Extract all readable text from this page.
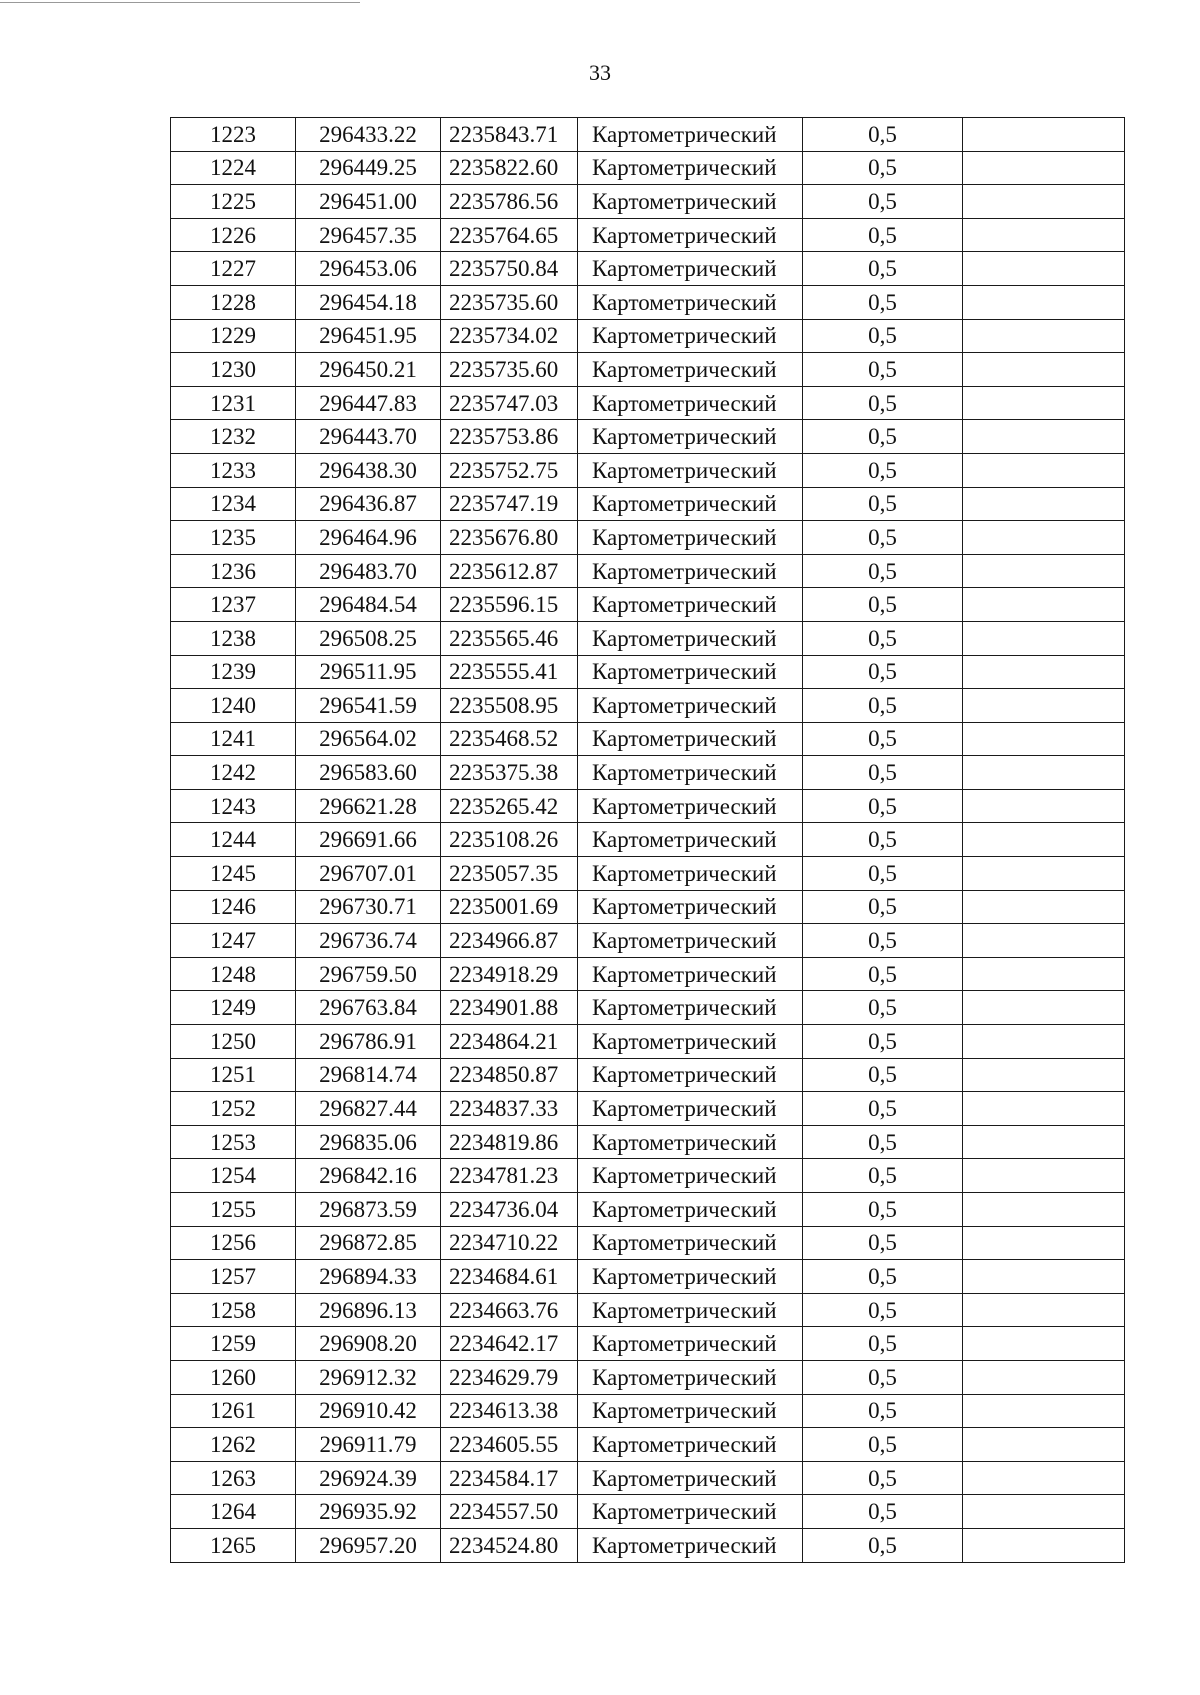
33
1223	296433.22	2235843.71	Картометрический	0,5	
1224	296449.25	2235822.60	Картометрический	0,5	
1225	296451.00	2235786.56	Картометрический	0,5	
1226	296457.35	2235764.65	Картометрический	0,5	
1227	296453.06	2235750.84	Картометрический	0,5	
1228	296454.18	2235735.60	Картометрический	0,5	
1229	296451.95	2235734.02	Картометрический	0,5	
1230	296450.21	2235735.60	Картометрический	0,5	
1231	296447.83	2235747.03	Картометрический	0,5	
1232	296443.70	2235753.86	Картометрический	0,5	
1233	296438.30	2235752.75	Картометрический	0,5	
1234	296436.87	2235747.19	Картометрический	0,5	
1235	296464.96	2235676.80	Картометрический	0,5	
1236	296483.70	2235612.87	Картометрический	0,5	
1237	296484.54	2235596.15	Картометрический	0,5	
1238	296508.25	2235565.46	Картометрический	0,5	
1239	296511.95	2235555.41	Картометрический	0,5	
1240	296541.59	2235508.95	Картометрический	0,5	
1241	296564.02	2235468.52	Картометрический	0,5	
1242	296583.60	2235375.38	Картометрический	0,5	
1243	296621.28	2235265.42	Картометрический	0,5	
1244	296691.66	2235108.26	Картометрический	0,5	
1245	296707.01	2235057.35	Картометрический	0,5	
1246	296730.71	2235001.69	Картометрический	0,5	
1247	296736.74	2234966.87	Картометрический	0,5	
1248	296759.50	2234918.29	Картометрический	0,5	
1249	296763.84	2234901.88	Картометрический	0,5	
1250	296786.91	2234864.21	Картометрический	0,5	
1251	296814.74	2234850.87	Картометрический	0,5	
1252	296827.44	2234837.33	Картометрический	0,5	
1253	296835.06	2234819.86	Картометрический	0,5	
1254	296842.16	2234781.23	Картометрический	0,5	
1255	296873.59	2234736.04	Картометрический	0,5	
1256	296872.85	2234710.22	Картометрический	0,5	
1257	296894.33	2234684.61	Картометрический	0,5	
1258	296896.13	2234663.76	Картометрический	0,5	
1259	296908.20	2234642.17	Картометрический	0,5	
1260	296912.32	2234629.79	Картометрический	0,5	
1261	296910.42	2234613.38	Картометрический	0,5	
1262	296911.79	2234605.55	Картометрический	0,5	
1263	296924.39	2234584.17	Картометрический	0,5	
1264	296935.92	2234557.50	Картометрический	0,5	
1265	296957.20	2234524.80	Картометрический	0,5	
